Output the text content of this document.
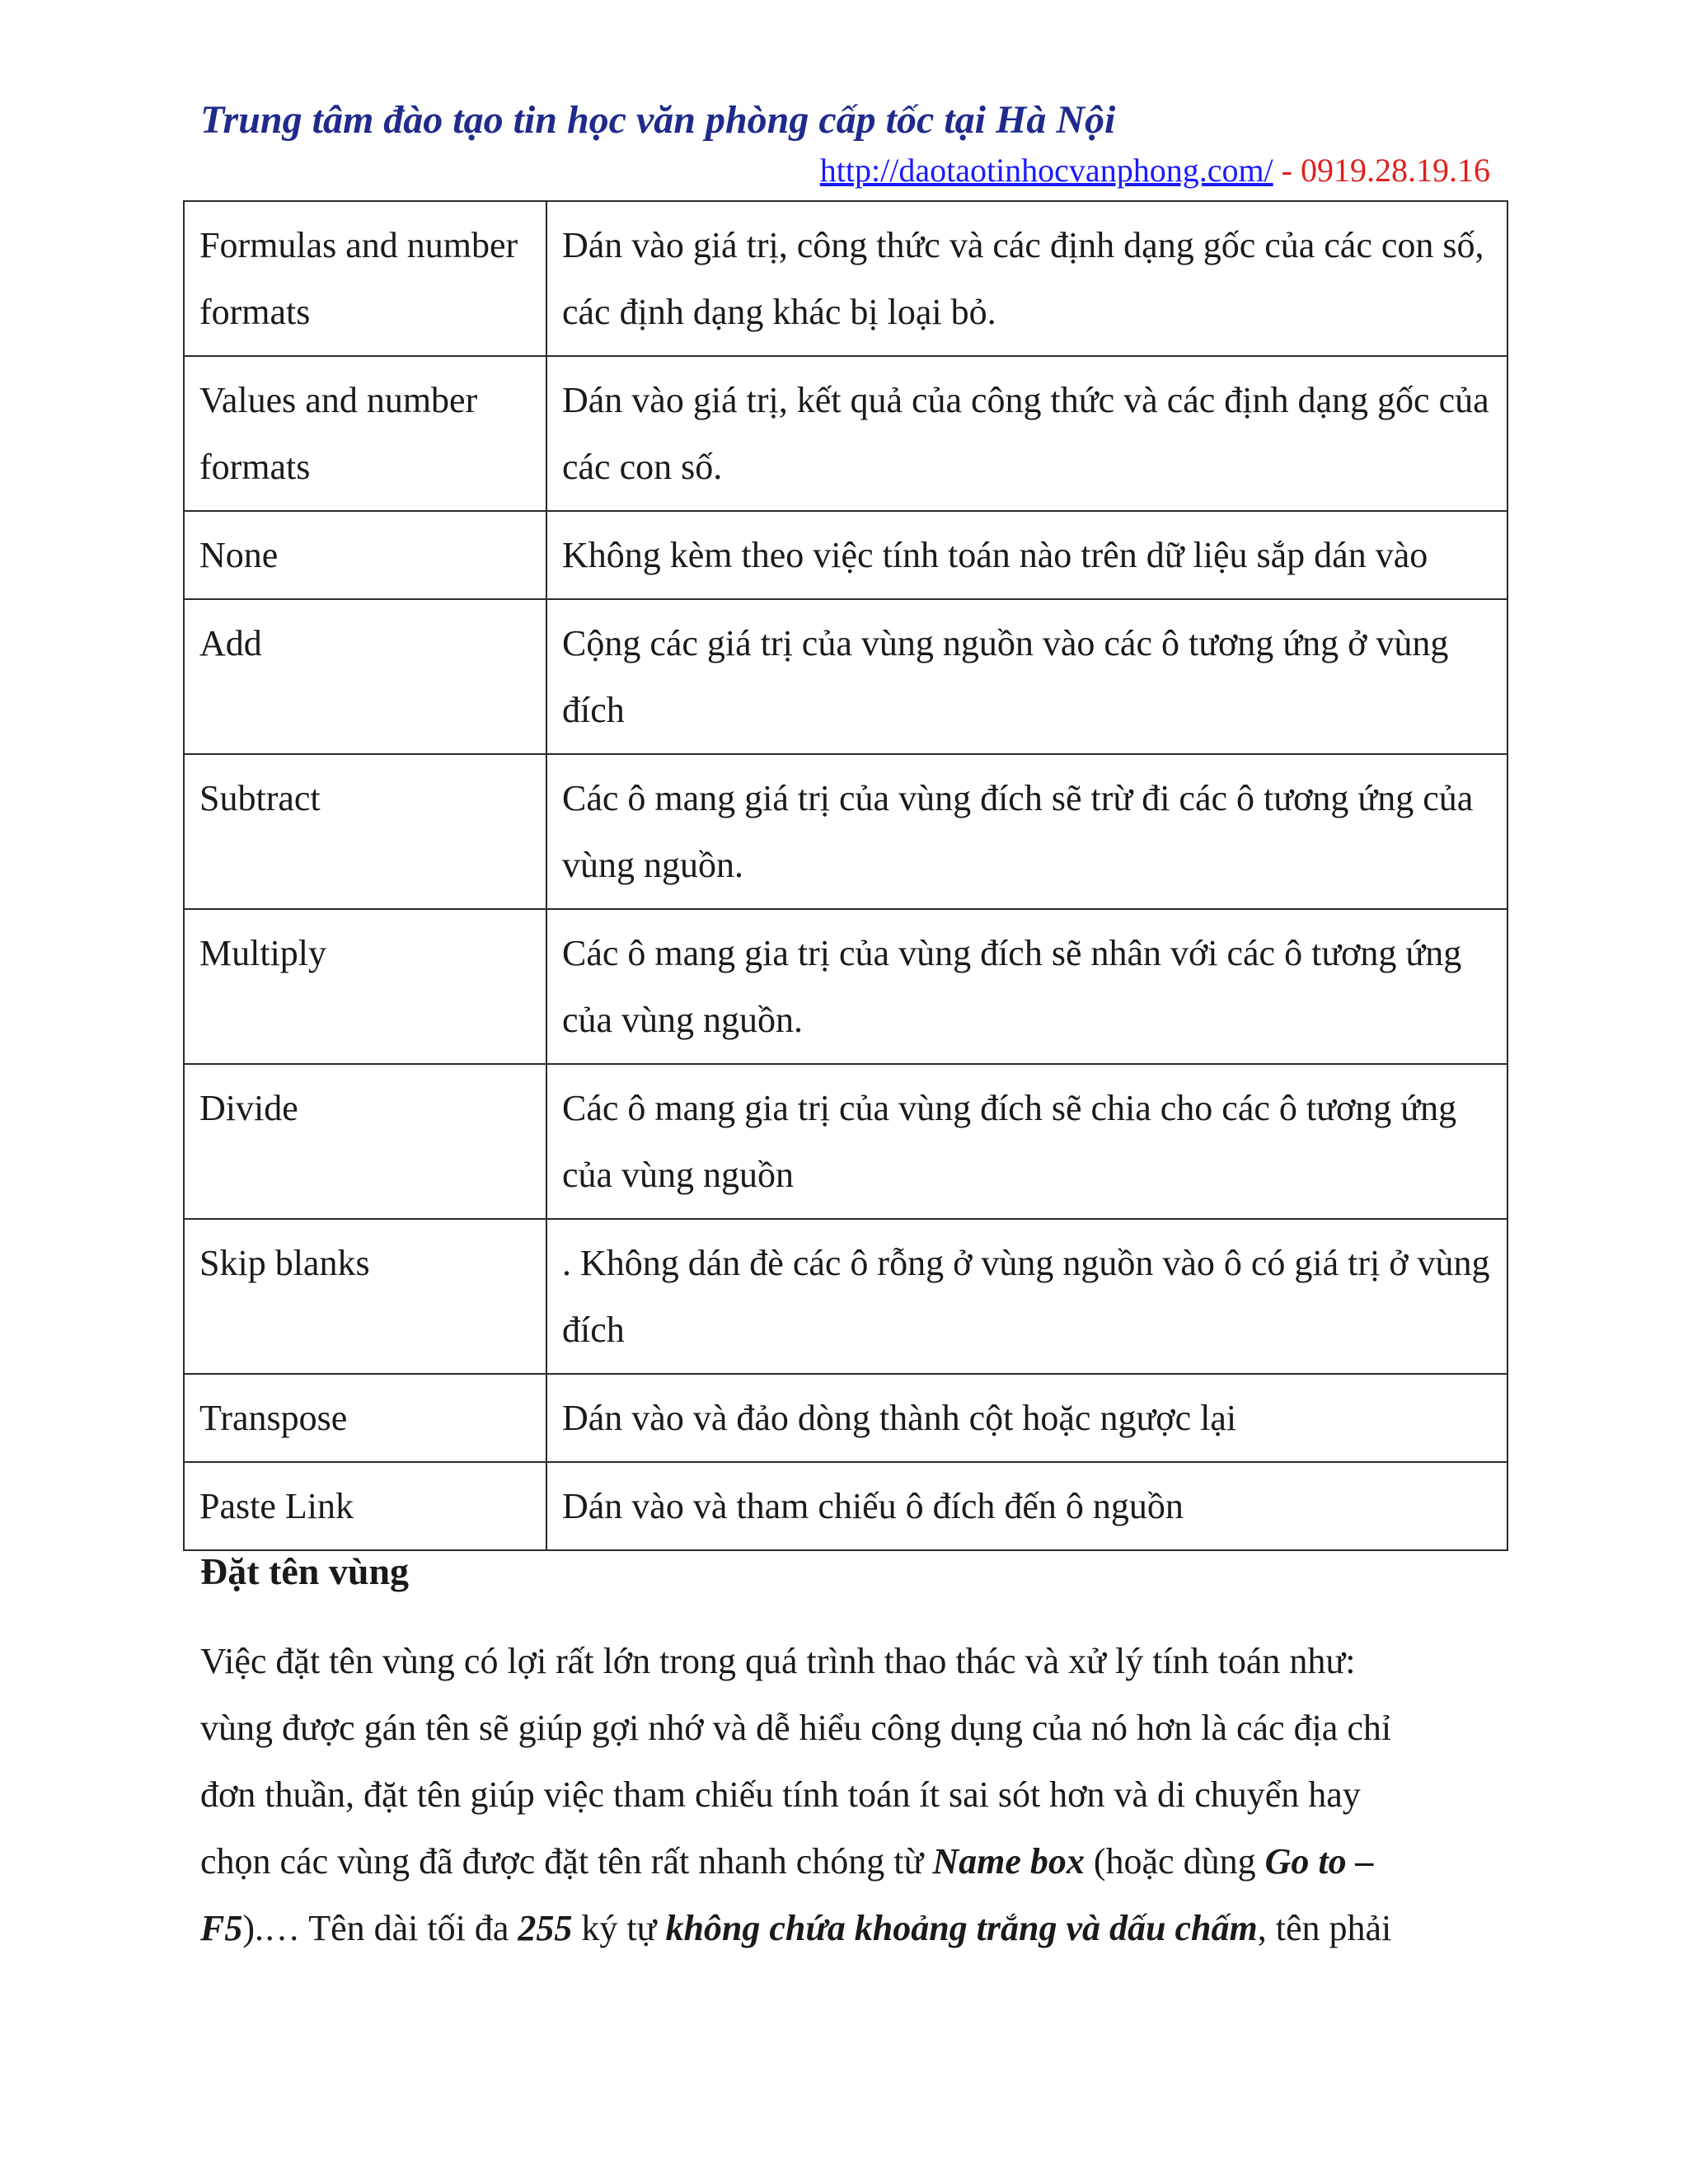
Trung tâm đào tạo tin học văn phòng cấp tốc tại Hà Nội
http://daotaotinhocvanphong.com/ - 0919.28.19.16
Formulas and number formats	Dán vào giá trị, công thức và các định dạng gốc của các con số, các định dạng khác bị loại bỏ.
Values and number formats	Dán vào giá trị, kết quả của công thức và các định dạng gốc của các con số.
None	Không kèm theo việc tính toán nào trên dữ liệu sắp dán vào
Add	Cộng các giá trị của vùng nguồn vào các ô tương ứng ở vùng đích
Subtract	Các ô mang giá trị của vùng đích sẽ trừ đi các ô tương ứng của vùng nguồn.
Multiply	Các ô mang gia trị của vùng đích sẽ nhân với các ô tương ứng của vùng nguồn.
Divide	Các ô mang gia trị của vùng đích sẽ chia cho các ô tương ứng của vùng nguồn
Skip blanks	. Không dán đè các ô rỗng ở vùng nguồn vào ô có giá trị ở vùng đích
Transpose	Dán vào và đảo dòng thành cột hoặc ngược lại
Paste Link	Dán vào và tham chiếu ô đích đến ô nguồn
Đặt tên vùng
Việc đặt tên vùng có lợi rất lớn trong quá trình thao thác và xử lý tính toán như:
vùng được gán tên sẽ giúp gợi nhớ và dễ hiểu công dụng của nó hơn là các địa chỉ
đơn thuần, đặt tên giúp việc tham chiếu tính toán ít sai sót hơn và di chuyển hay
chọn các vùng đã được đặt tên rất nhanh chóng từ Name box (hoặc dùng Go to –
F5).… Tên dài tối đa 255 ký tự không chứa khoảng trắng và dấu chấm, tên phải
